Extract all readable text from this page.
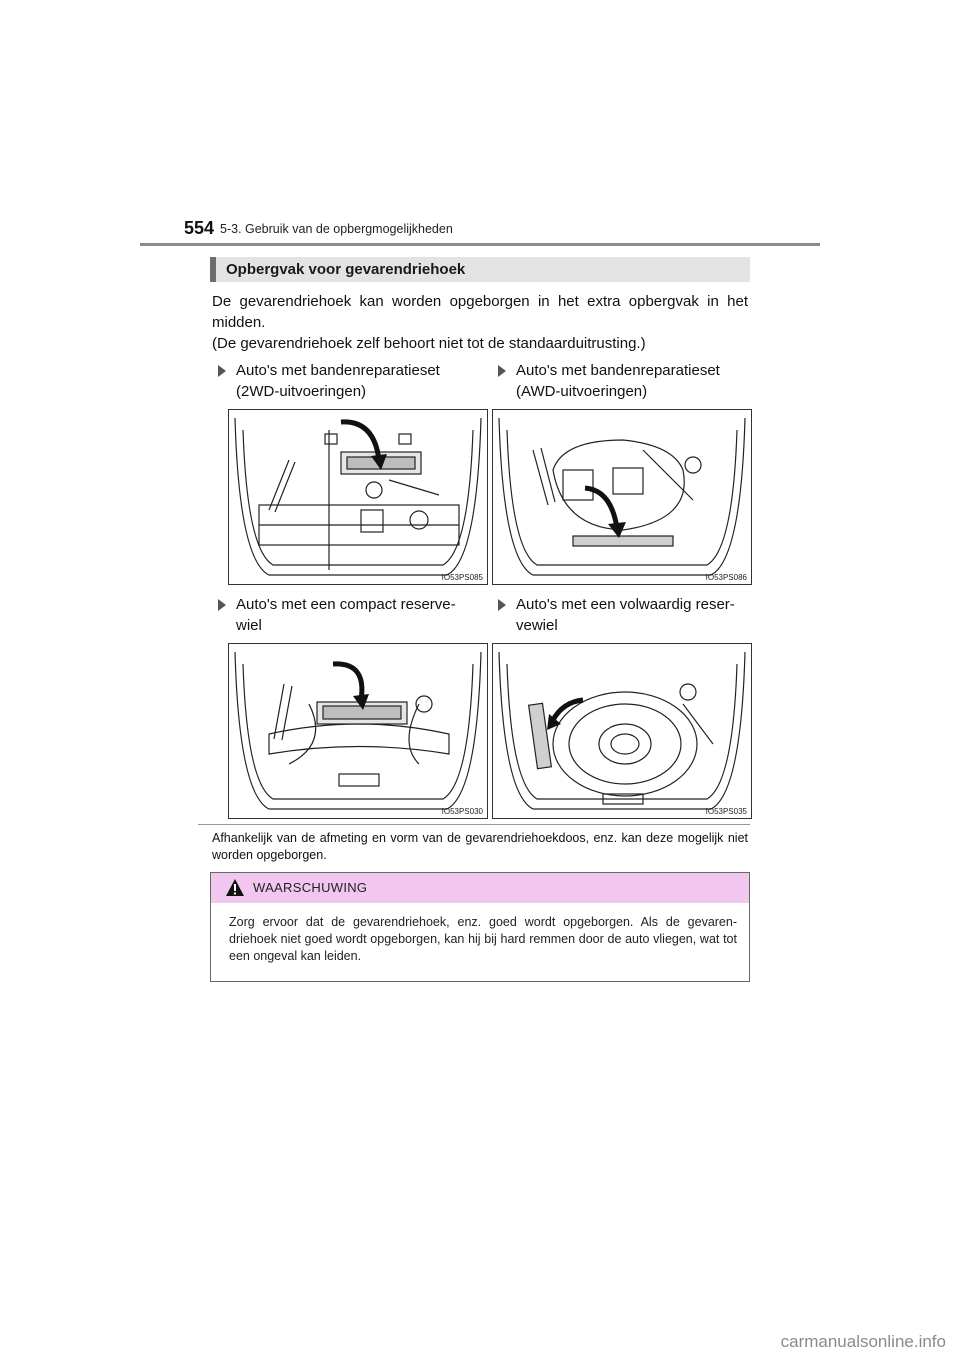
554 5-3. Gebruik van de opbergmogelijkheden
Opbergvak voor gevarendriehoek

De gevarendriehoek kan worden opgeborgen in het extra opbergvak in het midden.

(De gevarendriehoek zelf behoort niet tot de standaarduitrusting.)

Auto's met bandenreparatieset (2WD-uitvoeringen)
Auto's met bandenreparatieset (AWD-uitvoeringen)
Auto's met een compact reserve- wiel
Auto's met een volwaardig reser- vewiel
IO53PS085	IO53PS086
IO53PS030	IO53PS035
Afhankelijk van de afmeting en vorm van de gevarendriehoekdoos, enz. kan deze mogelijk niet worden opgeborgen.
WAARSCHUWING
Zorg ervoor dat de gevarendriehoek, enz. goed wordt opgeborgen. Als de gevaren- driehoek niet goed wordt opgeborgen, kan hij bij hard remmen door de auto vliegen, wat tot een ongeval kan leiden.
carmanualsonline.info
